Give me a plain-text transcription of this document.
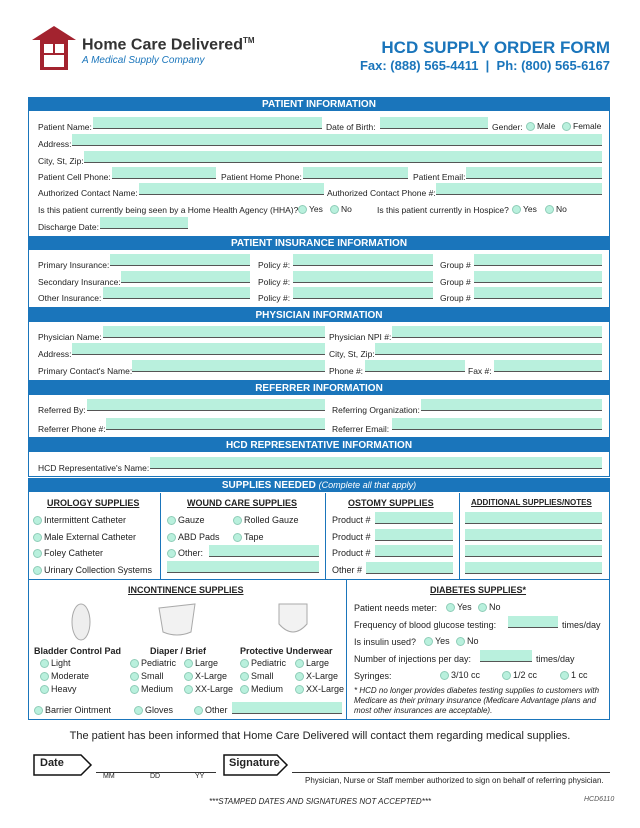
Home Care Delivered™
A Medical Supply Company
HCD SUPPLY ORDER FORM
Fax: (888) 565-4411  |  Ph: (800) 565-6167
PATIENT INFORMATION
Patient Name:	Date of Birth:	Gender:	Male	Female
Address:
City, St, Zip:
Patient Cell Phone:	Patient Home Phone:	Patient Email:
Authorized Contact Name:	Authorized Contact Phone #:
Is this patient currently being seen by a Home Health Agency (HHA)?	Yes	No	Is this patient currently in Hospice?	Yes	No
Discharge Date:
PATIENT INSURANCE INFORMATION
Primary Insurance:	Policy #:	Group #
Secondary Insurance:	Policy #:	Group #
Other Insurance:	Policy #:	Group #
PHYSICIAN INFORMATION
Physician Name:	Physician NPI #:
Address:	City, St, Zip:
Primary Contact's Name:	Phone #:	Fax #:
REFERRER INFORMATION
Referred By:	Referring Organization:
Referrer Phone #:	Referrer Email:
HCD REPRESENTATIVE INFORMATION
HCD Representative's Name:
SUPPLIES NEEDED (Complete all that apply)
UROLOGY SUPPLIES
Intermittent Catheter
Male External Catheter
Foley Catheter
Urinary Collection Systems
WOUND CARE SUPPLIES
Gauze	Rolled Gauze
ABD Pads	Tape
Other:
OSTOMY SUPPLIES
Product #
Product #
Product #
Other #
ADDITIONAL SUPPLIES/NOTES
INCONTINENCE SUPPLIES
Bladder Control Pad
Light
Moderate
Heavy
Diaper / Brief
Pediatric
Small
Medium
Large
X-Large
XX-Large
Protective Underwear
Pediatric
Small
Medium
Large
X-Large
XX-Large
Barrier Ointment	Gloves	Other
DIABETES SUPPLIES*
Patient needs meter:	Yes	No
Frequency of blood glucose testing:	times/day
Is insulin used?	Yes	No
Number of injections per day:	times/day
Syringes:	3/10 cc	1/2 cc	1 cc
* HCD no longer provides diabetes testing supplies to customers with Medicare as their primary insurance (Medicare Advantage plans and most other insurances are acceptable).
The patient has been informed that Home Care Delivered will contact them regarding medical supplies.
Date
MM	DD	YY
Signature
Physician, Nurse or Staff member authorized to sign on behalf of referring physician.
***STAMPED DATES AND SIGNATURES NOT ACCEPTED***	HCD6110
